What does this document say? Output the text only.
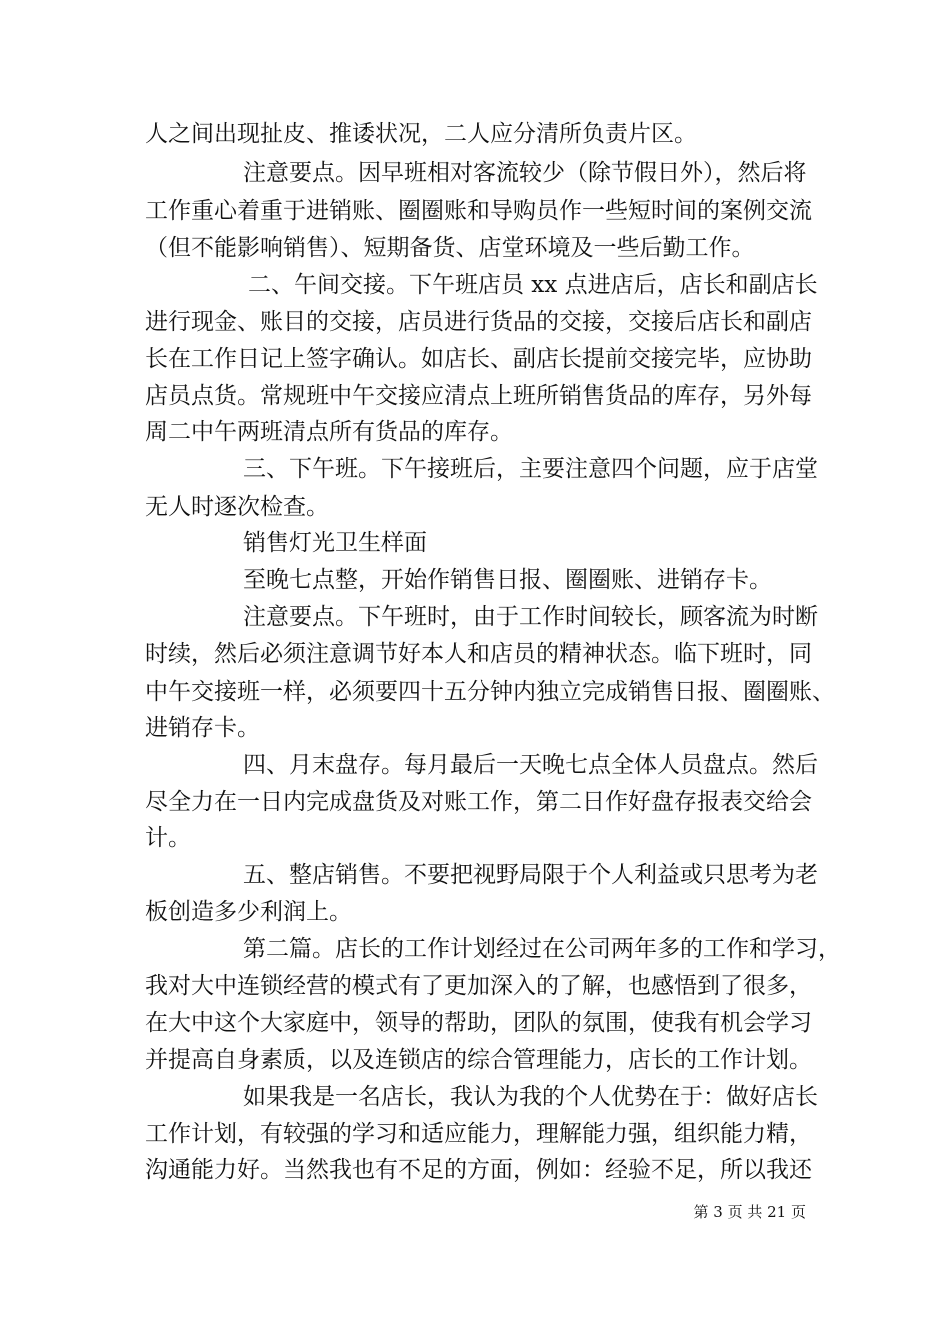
人之间出现扯皮、推诿状况，二人应分清所负责片区。
注意要点。因早班相对客流较少（除节假日外），然后将
工作重心着重于进销账、圈圈账和导购员作一些短时间的案例交流
（但不能影响销售）、短期备货、店堂环境及一些后勤工作。
二、午间交接。下午班店员 xx 点进店后，店长和副店长
进行现金、账目的交接，店员进行货品的交接，交接后店长和副店
长在工作日记上签字确认。如店长、副店长提前交接完毕，应协助
店员点货。常规班中午交接应清点上班所销售货品的库存，另外每
周二中午两班清点所有货品的库存。
三、下午班。下午接班后，主要注意四个问题，应于店堂
无人时逐次检查。
销售灯光卫生样面
至晚七点整，开始作销售日报、圈圈账、进销存卡。
注意要点。下午班时，由于工作时间较长，顾客流为时断
时续，然后必须注意调节好本人和店员的精神状态。临下班时，同
中午交接班一样，必须要四十五分钟内独立完成销售日报、圈圈账、
进销存卡。
四、月末盘存。每月最后一天晚七点全体人员盘点。然后
尽全力在一日内完成盘货及对账工作，第二日作好盘存报表交给会
计。
五、整店销售。不要把视野局限于个人利益或只思考为老
板创造多少利润上。
第二篇。店长的工作计划经过在公司两年多的工作和学习，
我对大中连锁经营的模式有了更加深入的了解，也感悟到了很多，
在大中这个大家庭中，领导的帮助，团队的氛围，使我有机会学习
并提高自身素质，以及连锁店的综合管理能力，店长的工作计划。
如果我是一名店长，我认为我的个人优势在于：做好店长
工作计划，有较强的学习和适应能力，理解能力强，组织能力精，
沟通能力好。当然我也有不足的方面，例如：经验不足，所以我还
第 3 页 共 21 页
